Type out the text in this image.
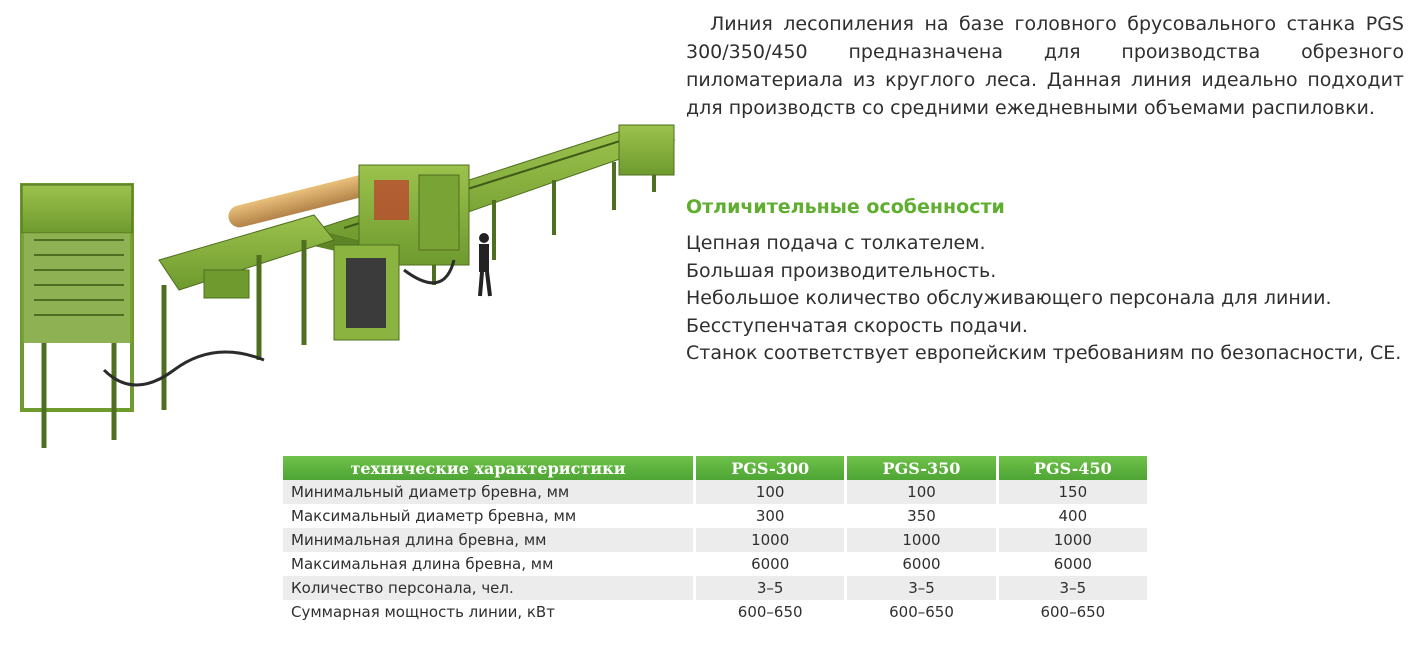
Линия лесопиления на базе головного брусовального станка PGS 300/350/450 предназначена для производства обрезного пиломатериала из круглого леса. Данная линия идеально подходит для производств со средними ежедневными объемами распиловки.

Отличительные особенности
Цепная подача с толкателем.
Большая производительность.
Небольшое количество обслуживающего персонала для линии.
Бесступенчатая скорость подачи.
Станок соответствует европейским требованиям по безопасности, CE.
технические характеристики	PGS-300	PGS-350	PGS-450
Минимальный диаметр бревна, мм	100	100	150
Максимальный диаметр бревна, мм	300	350	400
Минимальная длина бревна, мм	1000	1000	1000
Максимальная длина бревна, мм	6000	6000	6000
Количество персонала, чел.	3–5	3–5	3–5
Суммарная мощность линии, кВт	600–650	600–650	600–650
